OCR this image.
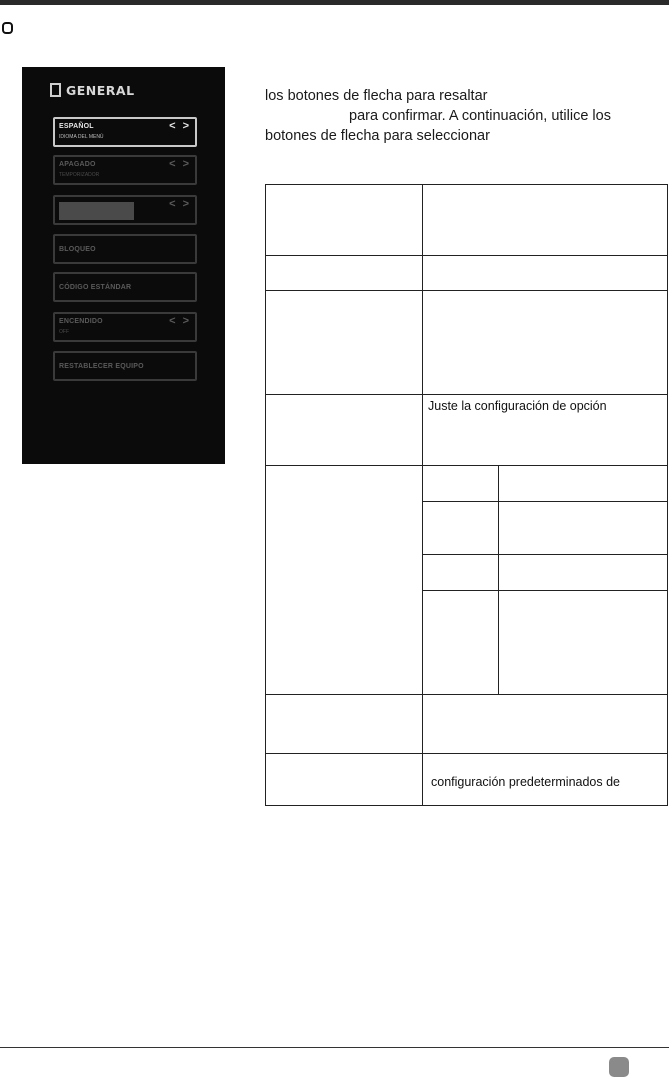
GENERAL
ESPAÑOL
IDIOMA DEL MENÚ
< >
APAGADO
TEMPORIZADOR
< >
< >
BLOQUEO
CÓDIGO ESTÁNDAR
ENCENDIDO
OFF
< >
RESTABLECER EQUIPO
los botones de flecha para resaltar
para confirmar. A continuación, utilice los
botones de flecha para seleccionar
Juste la configuración de opción
configuración predeterminados de
